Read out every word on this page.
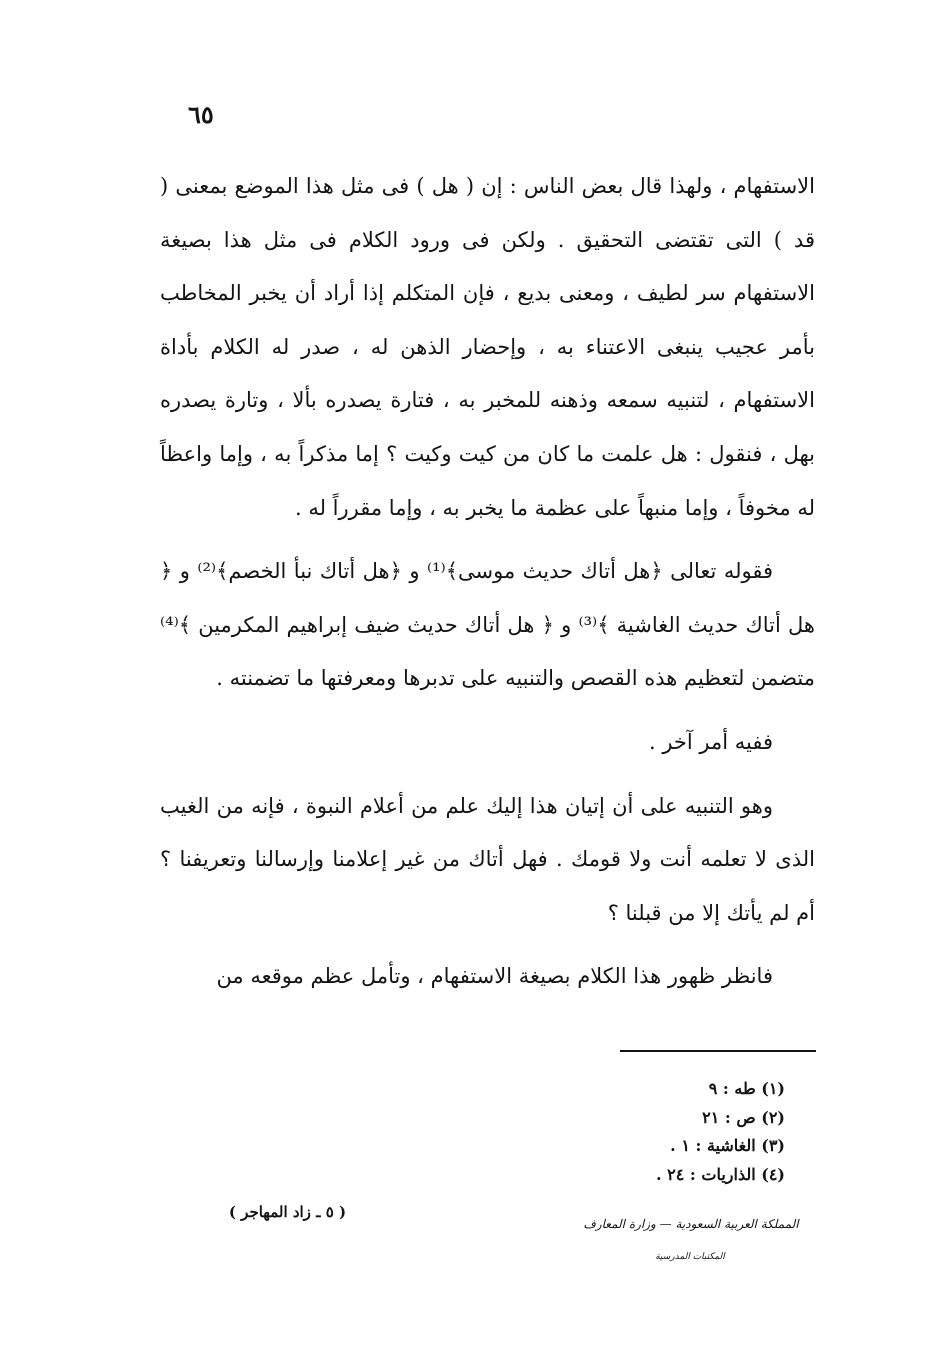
٦٥

الاستفهام ، ولهذا قال بعض الناس : إن ( هل ) فى مثل هذا الموضع بمعنى ( قد ) التى تقتضى التحقيق . ولكن فى ورود الكلام فى مثل هذا بصيغة الاستفهام سر لطيف ، ومعنى بديع ، فإن المتكلم إذا أراد أن يخبر المخاطب بأمر عجيب ينبغى الاعتناء به ، وإحضار الذهن له ، صدر له الكلام بأداة الاستفهام ، لتنبيه سمعه وذهنه للمخبر به ، فتارة يصدره بألا ، وتارة يصدره بهل ، فنقول : هل علمت ما كان من كيت وكيت ؟ إما مذكراً به ، وإما واعظاً له مخوفاً ، وإما منبهاً على عظمة ما يخبر به ، وإما مقرراً له .

فقوله تعالى ﴿هل أتاك حديث موسى﴾⁽¹⁾ و ﴿هل أتاك نبأ الخصم﴾⁽²⁾ و ﴿ هل أتاك حديث الغاشية ﴾⁽³⁾ و ﴿ هل أتاك حديث ضيف إبراهيم المكرمين ﴾⁽⁴⁾ متضمن لتعظيم هذه القصص والتنبيه على تدبرها ومعرفتها ما تضمنته .

ففيه أمر آخر .

وهو التنبيه على أن إتيان هذا إليك علم من أعلام النبوة ، فإنه من الغيب الذى لا تعلمه أنت ولا قومك . فهل أتاك من غير إعلامنا وإرسالنا وتعريفنا ؟ أم لم يأتك إلا من قبلنا ؟

فانظر ظهور هذا الكلام بصيغة الاستفهام ، وتأمل عظم موقعه من

(١) طه : ٩
(٢) ص : ٢١
(٣) الغاشية : ١ .
(٤) الذاريات : ٢٤ .
( ٥ ـ زاد المهاجر )
المملكة العربية السعودية — وزارة المعارف
المكتبات المدرسية
